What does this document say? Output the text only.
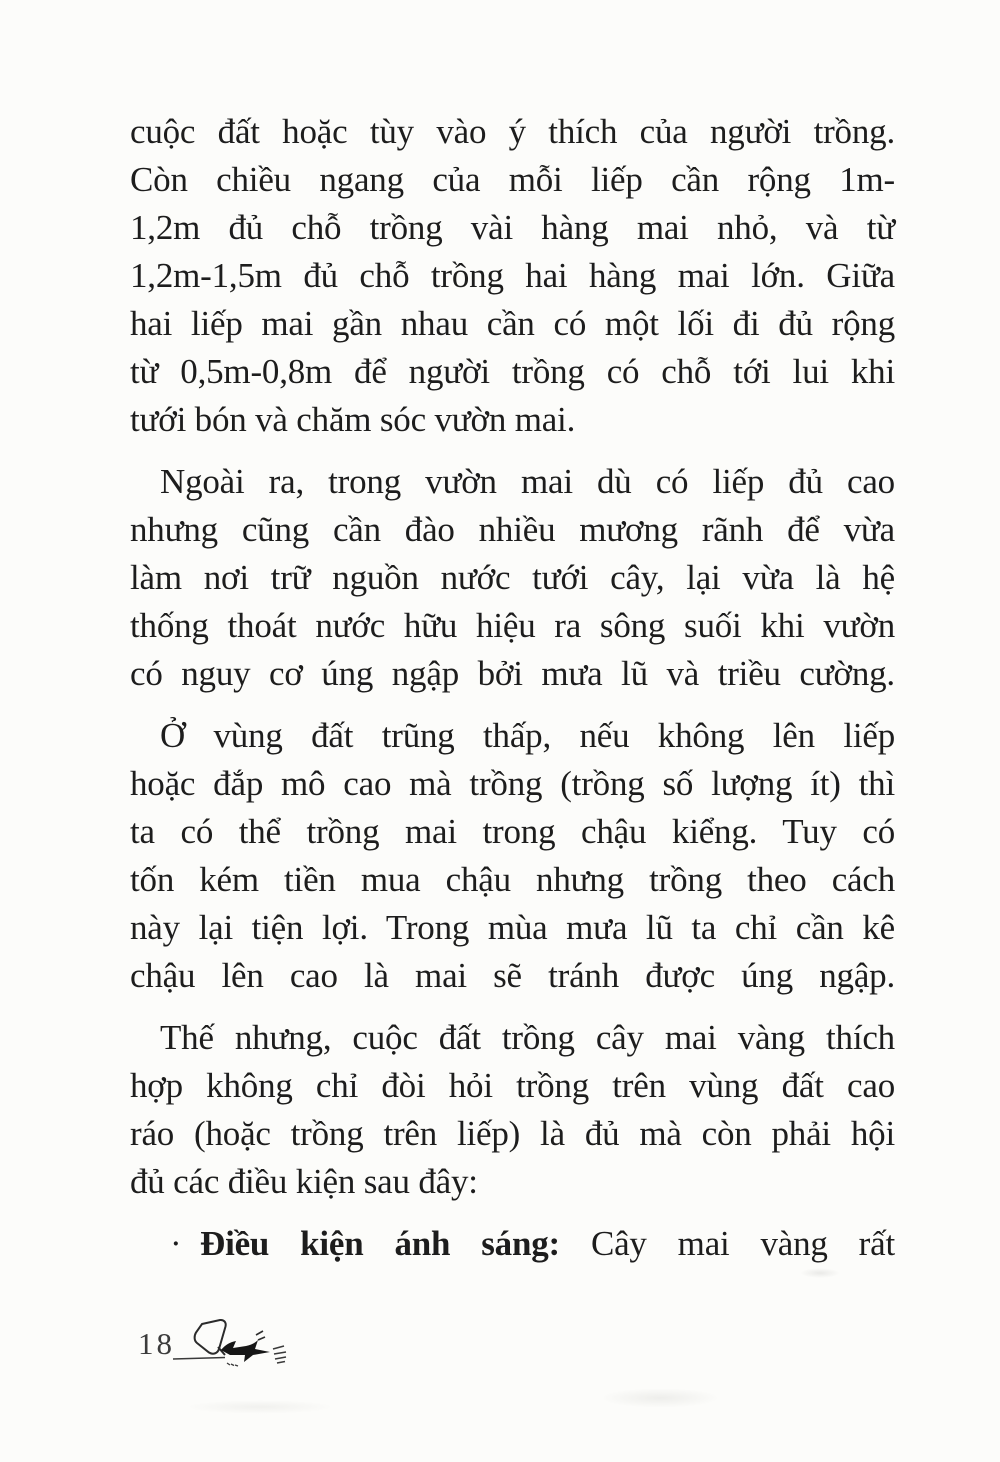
cuộc đất hoặc tùy vào ý thích của người trồng.
Còn chiều ngang của mỗi liếp cần rộng 1m-
1,2m đủ chỗ trồng vài hàng mai nhỏ, và từ
1,2m-1,5m đủ chỗ trồng hai hàng mai lớn. Giữa
hai liếp mai gần nhau cần có một lối đi đủ rộng
từ 0,5m-0,8m để người trồng có chỗ tới lui khi
tưới bón và chăm sóc vườn mai.
Ngoài ra, trong vườn mai dù có liếp đủ cao
nhưng cũng cần đào nhiều mương rãnh để vừa
làm nơi trữ nguồn nước tưới cây, lại vừa là hệ
thống thoát nước hữu hiệu ra sông suối khi vườn
có nguy cơ úng ngập bởi mưa lũ và triều cường.
Ở vùng đất trũng thấp, nếu không lên liếp
hoặc đắp mô cao mà trồng (trồng số lượng ít) thì
ta có thể trồng mai trong chậu kiểng. Tuy có
tốn kém tiền mua chậu nhưng trồng theo cách
này lại tiện lợi. Trong mùa mưa lũ ta chỉ cần kê
chậu lên cao là mai sẽ tránh được úng ngập.
Thế nhưng, cuộc đất trồng cây mai vàng thích
hợp không chỉ đòi hỏi trồng trên vùng đất cao
ráo (hoặc trồng trên liếp) là đủ mà còn phải hội
đủ các điều kiện sau đây:
· Điều kiện ánh sáng: Cây mai vàng rất
18
